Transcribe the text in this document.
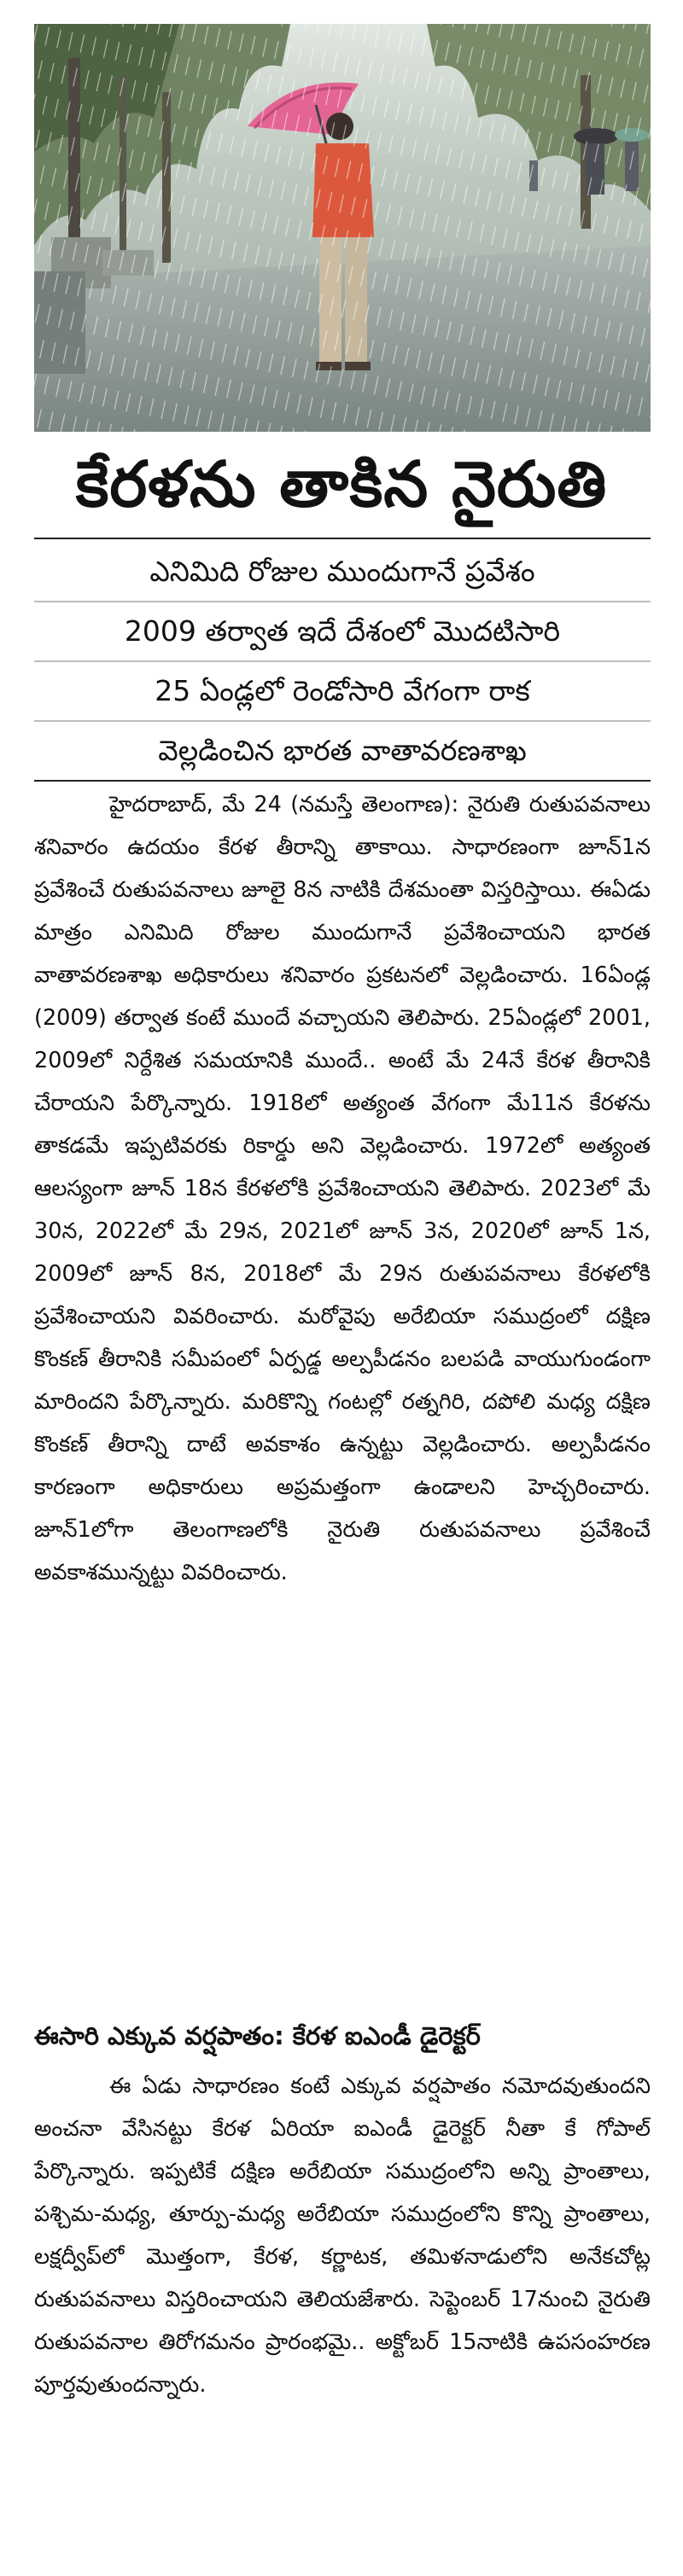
కేరళను తాకిన నైరుతి
ఎనిమిది రోజుల ముందుగానే ప్రవేశం
2009 తర్వాత ఇదే దేశంలో మొదటిసారి
25 ఏండ్లలో రెండోసారి వేగంగా రాక
వెల్లడించిన భారత వాతావరణశాఖ

హైదరాబాద్, మే 24 (నమస్తే తెలంగాణ): నైరుతి రుతుపవనాలు శనివారం ఉదయం కేరళ తీరాన్ని తాకాయి. సాధారణంగా జూన్1న ప్రవేశించే రుతుపవనాలు జూలై 8న నాటికి దేశమంతా విస్తరిస్తాయి. ఈఏడు మాత్రం ఎనిమిది రోజుల ముందుగానే ప్రవేశించాయని భారత వాతావరణశాఖ అధికారులు శనివారం ప్రకటనలో వెల్లడించారు. 16ఏండ్ల (2009) తర్వాత కంటే ముందే వచ్చాయని తెలిపారు. 25ఏండ్లలో 2001, 2009లో నిర్దేశిత సమయానికి ముందే.. అంటే మే 24నే కేరళ తీరానికి చేరాయని పేర్కొన్నారు. 1918లో అత్యంత వేగంగా మే11న కేరళను తాకడమే ఇప్పటివరకు రికార్డు అని వెల్లడించారు. 1972లో అత్యంత ఆలస్యంగా జూన్ 18న కేరళలోకి ప్రవేశించాయని తెలిపారు. 2023లో మే 30న, 2022లో మే 29న, 2021లో జూన్ 3న, 2020లో జూన్ 1న, 2009లో జూన్ 8న, 2018లో మే 29న రుతుపవనాలు కేరళలోకి ప్రవేశించాయని వివరించారు. మరోవైపు అరేబియా సముద్రంలో దక్షిణ కొంకణ్ తీరానికి సమీపంలో ఏర్పడ్డ అల్పపీడనం బలపడి వాయుగుండంగా మారిందని పేర్కొన్నారు. మరికొన్ని గంటల్లో రత్నగిరి, దపోలి మధ్య దక్షిణ కొంకణ్ తీరాన్ని దాటే అవకాశం ఉన్నట్టు వెల్లడించారు. అల్పపీడనం కారణంగా అధికారులు అప్రమత్తంగా ఉండాలని హెచ్చరించారు. జూన్1లోగా తెలంగాణలోకి నైరుతి రుతుపవనాలు ప్రవేశించే అవకాశమున్నట్టు వివరించారు.

ఈసారి ఎక్కువ వర్షపాతం: కేరళ ఐఎండీ డైరెక్టర్

ఈ ఏడు సాధారణం కంటే ఎక్కువ వర్షపాతం నమోదవుతుందని అంచనా వేసినట్టు కేరళ ఏరియా ఐఎండీ డైరెక్టర్ నీతా కే గోపాల్ పేర్కొన్నారు. ఇప్పటికే దక్షిణ అరేబియా సముద్రంలోని అన్ని ప్రాంతాలు, పశ్చిమ-మధ్య, తూర్పు-మధ్య అరేబియా సముద్రంలోని కొన్ని ప్రాంతాలు, లక్షద్వీప్‌లో మొత్తంగా, కేరళ, కర్ణాటక, తమిళనాడులోని అనేకచోట్ల రుతుపవనాలు విస్తరించాయని తెలియజేశారు. సెప్టెంబర్ 17నుంచి నైరుతి రుతుపవనాల తిరోగమనం ప్రారంభమై.. అక్టోబర్ 15నాటికి ఉపసంహరణ పూర్తవుతుందన్నారు.
